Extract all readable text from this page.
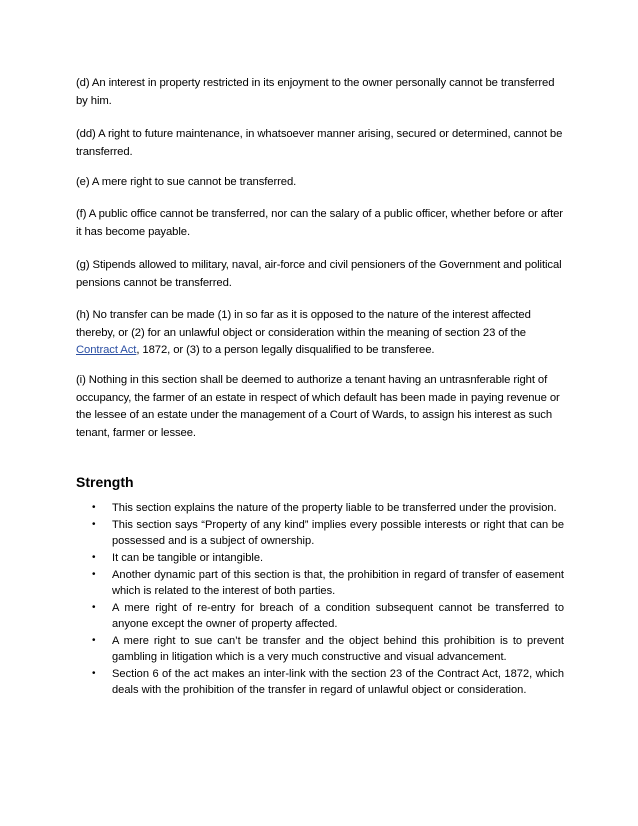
(d) An interest in property restricted in its enjoyment to the owner personally cannot be transferred by him.

(dd) A right to future maintenance, in whatsoever manner arising, secured or determined, cannot be transferred.

(e) A mere right to sue cannot be transferred.

(f) A public office cannot be transferred, nor can the salary of a public officer, whether before or after it has become payable.

(g) Stipends allowed to military, naval, air-force and civil pensioners of the Government and political pensions cannot be transferred.

(h) No transfer can be made (1) in so far as it is opposed to the nature of the interest affected thereby, or (2) for an unlawful object or consideration within the meaning of section 23 of the Contract Act, 1872, or (3) to a person legally disqualified to be transferee.

(i) Nothing in this section shall be deemed to authorize a tenant having an untrasnferable right of occupancy, the farmer of an estate in respect of which default has been made in paying revenue or the lessee of an estate under the management of a Court of Wards, to assign his interest as such tenant, farmer or lessee.

Strength
• This section explains the nature of the property liable to be transferred under the provision.
• This section says “Property of any kind” implies every possible interests or right that can be possessed and is a subject of ownership.
• It can be tangible or intangible.
• Another dynamic part of this section is that, the prohibition in regard of transfer of easement which is related to the interest of both parties.
• A mere right of re-entry for breach of a condition subsequent cannot be transferred to anyone except the owner of property affected.
• A mere right to sue can’t be transfer and the object behind this prohibition is to prevent gambling in litigation which is a very much constructive and visual advancement.
• Section 6 of the act makes an inter-link with the section 23 of the Contract Act, 1872, which deals with the prohibition of the transfer in regard of unlawful object or consideration.
